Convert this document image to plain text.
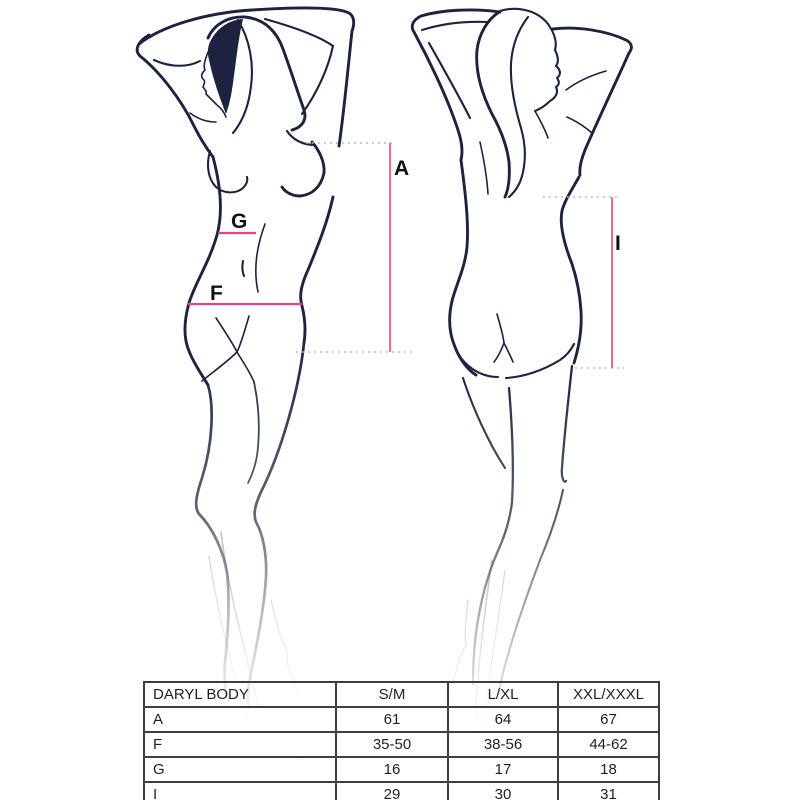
A
G
F
I
DARYL BODY	S/M	L/XL	XXL/XXXL
A	61	64	67
F	35-50	38-56	44-62
G	16	17	18
I	29	30	31
